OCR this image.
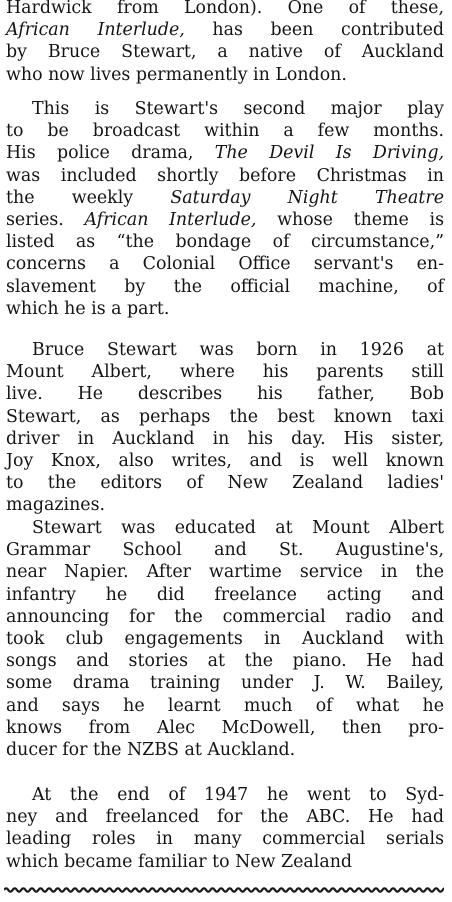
Hardwick from London). One of these,
African Interlude, has been contributed
by Bruce Stewart, a native of Auckland
who now lives permanently in London.
This is Stewart's second major play
to be broadcast within a few months.
His police drama, The Devil Is Driving,
was included shortly before Christmas in
the weekly Saturday Night Theatre
series. African Interlude, whose theme is
listed as “the bondage of circumstance,”
concerns a Colonial Office servant's en-
slavement by the official machine, of
which he is a part.
Bruce Stewart was born in 1926 at
Mount Albert, where his parents still
live. He describes his father, Bob
Stewart, as perhaps the best known taxi
driver in Auckland in his day. His sister,
Joy Knox, also writes, and is well known
to the editors of New Zealand ladies'
magazines.
Stewart was educated at Mount Albert
Grammar School and St. Augustine's,
near Napier. After wartime service in the
infantry he did freelance acting and
announcing for the commercial radio and
took club engagements in Auckland with
songs and stories at the piano. He had
some drama training under J. W. Bailey,
and says he learnt much of what he
knows from Alec McDowell, then pro-
ducer for the NZBS at Auckland.
At the end of 1947 he went to Syd-
ney and freelanced for the ABC. He had
leading roles in many commercial serials
which became familiar to New Zealand
